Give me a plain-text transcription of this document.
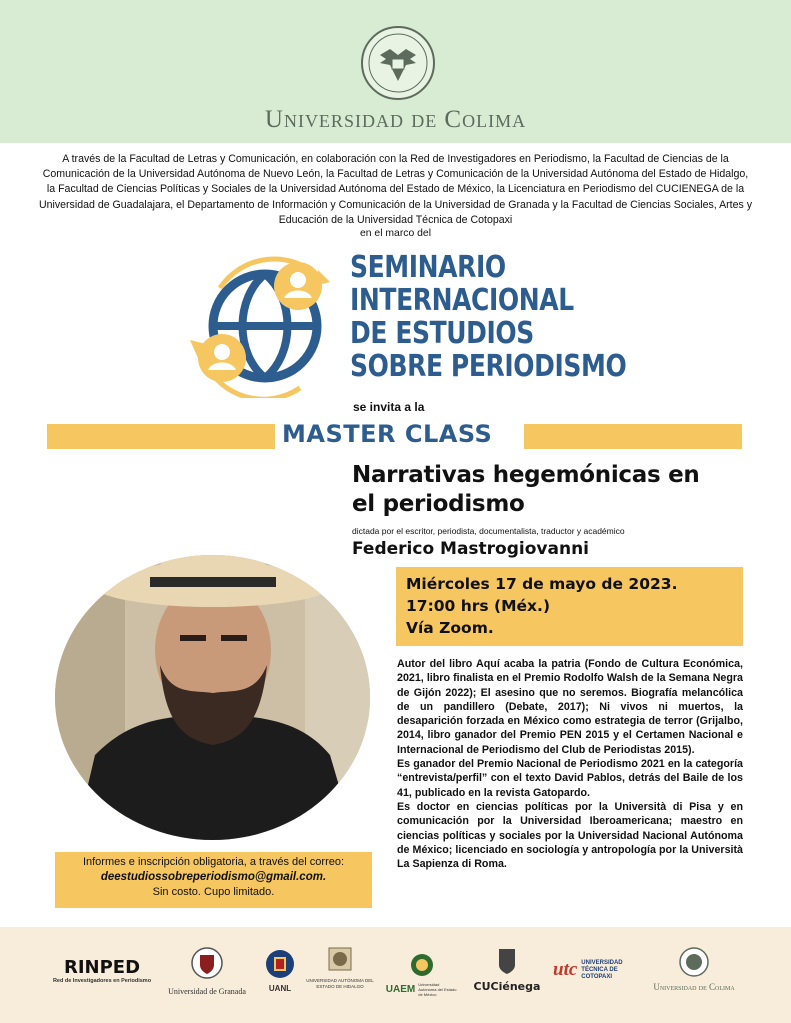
Universidad de Colima
A través de la Facultad de Letras y Comunicación, en colaboración con la Red de Investigadores en Periodismo, la Facultad de Ciencias de la Comunicación de la Universidad Autónoma de Nuevo León, la Facultad de Letras y Comunicación de la Universidad Autónoma del Estado de Hidalgo, la Facultad de Ciencias Políticas y Sociales de la Universidad Autónoma del Estado de México, la Licenciatura en Periodismo del CUCIENEGA de la Universidad de Guadalajara, el Departamento de Información y Comunicación de la Universidad de Granada y la Facultad de Ciencias Sociales, Artes y Educación de la Universidad Técnica de Cotopaxi
en el marco del
SEMINARIO
INTERNACIONAL
DE ESTUDIOS
SOBRE PERIODISMO
se invita a la
MASTER CLASS
Narrativas hegemónicas en
el periodismo
dictada por el escritor, periodista, documentalista, traductor y académico
Federico Mastrogiovanni
Miércoles 17 de mayo de 2023.
17:00 hrs (Méx.)
Vía Zoom.

Autor del libro Aquí acaba la patria (Fondo de Cultura Económica, 2021, libro finalista en el Premio Rodolfo Walsh de la Semana Negra de Gijón 2022); El asesino que no seremos. Biografía melancólica de un pandillero (Debate, 2017); Ni vivos ni muertos, la desaparición forzada en México como estrategia de terror (Grijalbo, 2014, libro ganador del Premio PEN 2015 y el Certamen Nacional e Internacional de Periodismo del Club de Periodistas 2015).

Es ganador del Premio Nacional de Periodismo 2021 en la categoría “entrevista/perfil” con el texto David Pablos, detrás del Baile de los 41, publicado en la revista Gatopardo.

Es doctor en ciencias políticas por la Università di Pisa y en comunicación por la Universidad Iberoamericana; maestro en ciencias políticas y sociales por la Universidad Nacional Autónoma de México; licenciado en sociología y antropología por la Università La Sapienza di Roma.

Informes e inscripción obligatoria, a través del correo:
deestudiossobreperiodismo@gmail.com.
Sin costo. Cupo limitado.
RINPED
Red de Investigadores en Periodismo
Universidad de Granada	UANL
UNIVERSIDAD AUTÓNOMA DEL ESTADO DE HIDALGO	UAEM Universidad Autónoma del Estado de México
CUCiénega
utc UNIVERSIDAD TÉCNICA DE COTOPAXI
Universidad de Colima
